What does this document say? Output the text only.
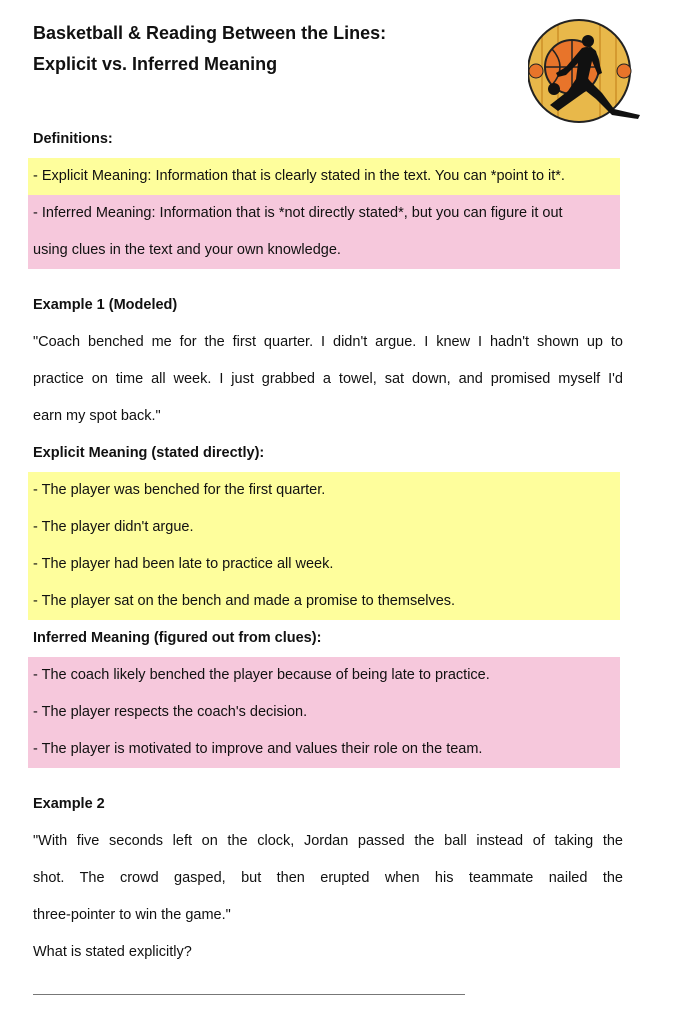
Basketball & Reading Between the Lines:
Explicit vs. Inferred Meaning
Definitions:
- Explicit Meaning: Information that is clearly stated in the text. You can *point to it*.
- Inferred Meaning: Information that is *not directly stated*, but you can figure it out
using clues in the text and your own knowledge.
Example 1 (Modeled)
"Coach benched me for the first quarter. I didn't argue. I knew I hadn't shown up to
practice on time all week. I just grabbed a towel, sat down, and promised myself I'd
earn my spot back."
Explicit Meaning (stated directly):
- The player was benched for the first quarter.
- The player didn't argue.
- The player had been late to practice all week.
- The player sat on the bench and made a promise to themselves.
Inferred Meaning (figured out from clues):
- The coach likely benched the player because of being late to practice.
- The player respects the coach's decision.
- The player is motivated to improve and values their role on the team.
Example 2
"With five seconds left on the clock, Jordan passed the ball instead of taking the
shot. The crowd gasped, but then erupted when his teammate nailed the
three-pointer to win the game."
What is stated explicitly?
